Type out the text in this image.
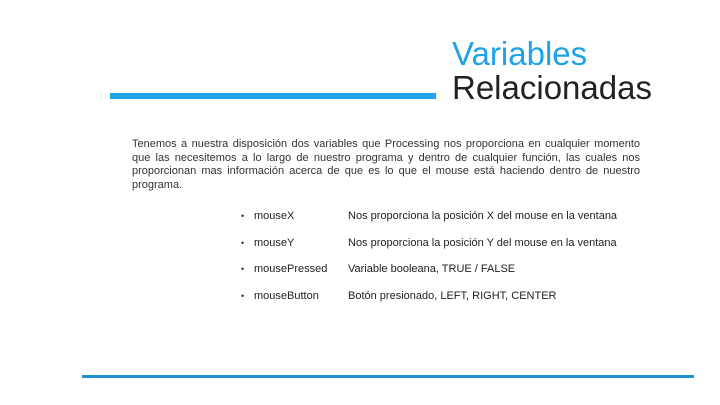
Variables
Relacionadas

Tenemos a nuestra disposición dos variables que Processing nos proporciona en cualquier momento que las necesitemos a lo largo de nuestro programa y dentro de cualquier función, las cuales nos proporcionan mas información acerca de que es lo que el mouse está haciendo dentro de nuestro programa.

• mouseX	Nos proporciona la posición X del mouse en la ventana
• mouseY	Nos proporciona la posición Y del mouse en la ventana
• mousePressed	Variable booleana, TRUE / FALSE
• mouseButton	Botón presionado, LEFT, RIGHT, CENTER
